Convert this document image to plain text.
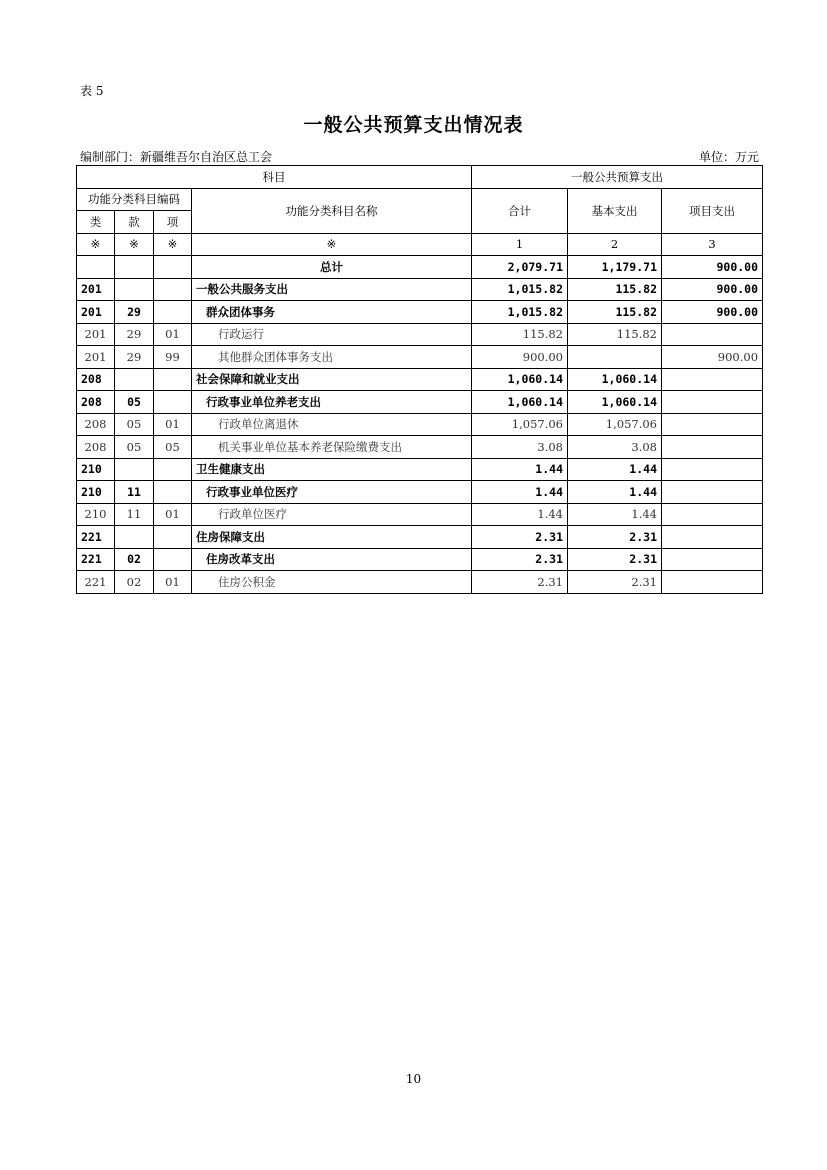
表 5
一般公共预算支出情况表
编制部门：新疆维吾尔自治区总工会	单位：万元
科目				一般公共预算支出		
功能分类科目编码			功能分类科目名称	合计	基本支出	项目支出
类	款	项				
※	※	※	※	1	2	3
			总计	2,079.71	1,179.71	900.00
201			一般公共服务支出	1,015.82	115.82	900.00
201	29		群众团体事务	1,015.82	115.82	900.00
201	29	01	行政运行	115.82	115.82	
201	29	99	其他群众团体事务支出	900.00		900.00
208			社会保障和就业支出	1,060.14	1,060.14	
208	05		行政事业单位养老支出	1,060.14	1,060.14	
208	05	01	行政单位离退休	1,057.06	1,057.06	
208	05	05	机关事业单位基本养老保险缴费支出	3.08	3.08	
210			卫生健康支出	1.44	1.44	
210	11		行政事业单位医疗	1.44	1.44	
210	11	01	行政单位医疗	1.44	1.44	
221			住房保障支出	2.31	2.31	
221	02		住房改革支出	2.31	2.31	
221	02	01	住房公积金	2.31	2.31	
10
